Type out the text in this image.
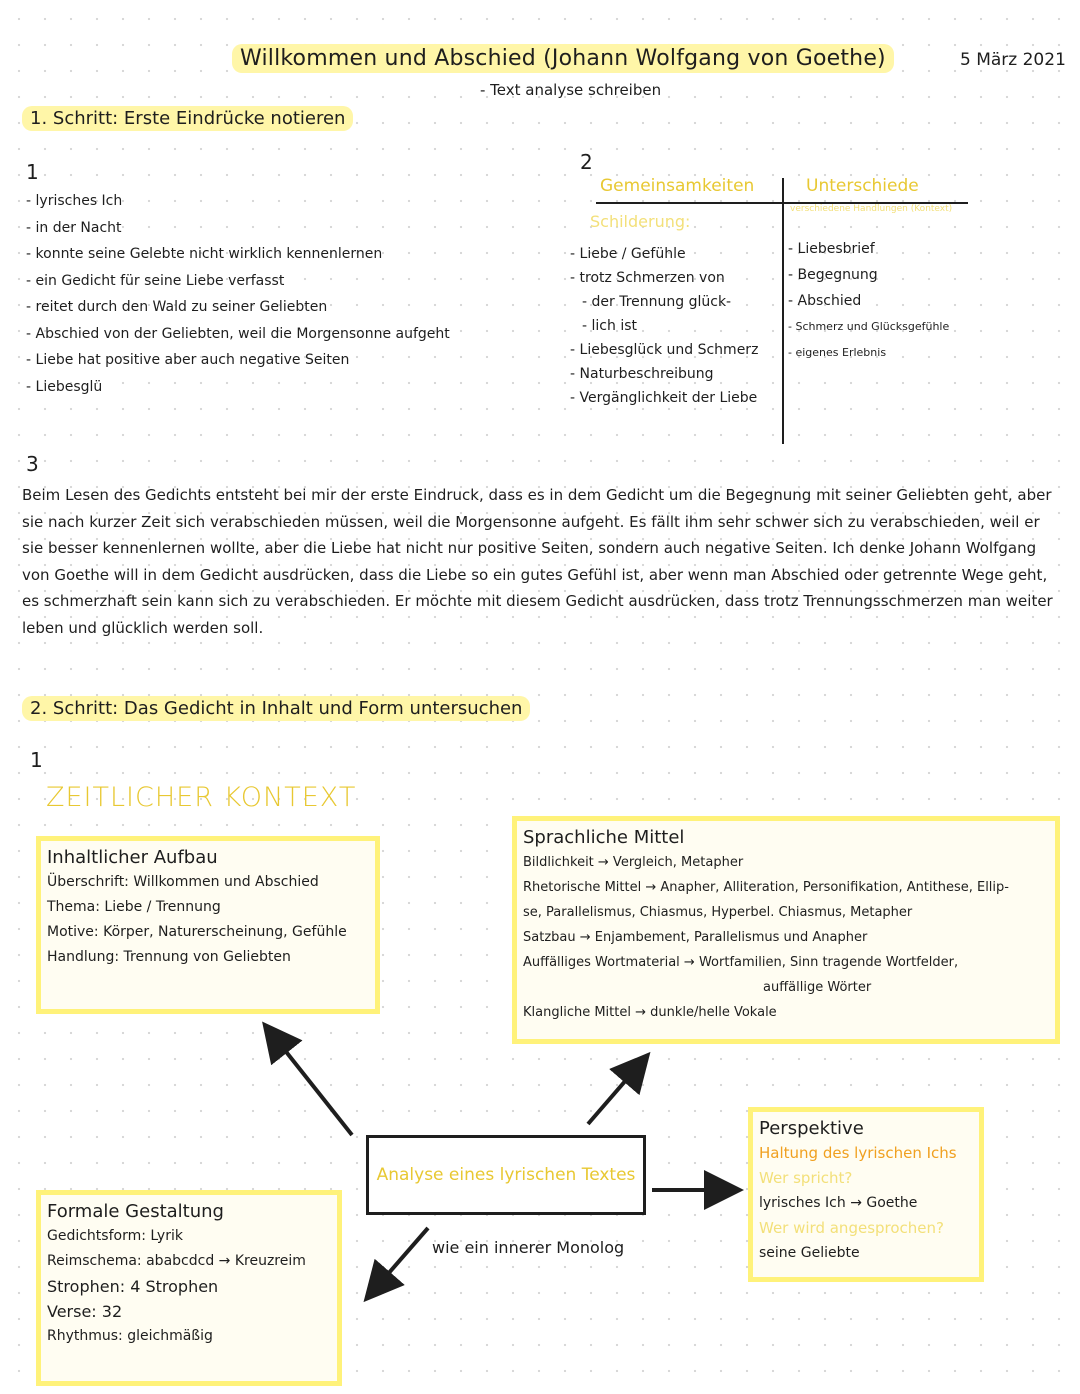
Willkommen und Abschied (Johann Wolfgang von Goethe)
- Text analyse schreiben
5 März 2021
1. Schritt: Erste Eindrücke notieren
1
- lyrisches Ich
- in der Nacht
- konnte seine Gelebte nicht wirklich kennenlernen
- ein Gedicht für seine Liebe verfasst
- reitet durch den Wald zu seiner Geliebten
- Abschied von der Geliebten, weil die Morgensonne aufgeht
- Liebe hat positive aber auch negative Seiten
- Liebesglü
2
Gemeinsamkeiten	Unterschiede
Schilderung:
verschiedene Handlungen (Kontext)
- Liebe / Gefühle
- trotz Schmerzen von
- der Trennung glück-
- lich ist
- Liebesglück und Schmerz
- Naturbeschreibung
- Vergänglichkeit der Liebe
- Liebesbrief
- Begegnung
- Abschied
- Schmerz und Glücksgefühle
- eigenes Erlebnis
3

Beim Lesen des Gedichts entsteht bei mir der erste Eindruck, dass es in dem Gedicht um die Begegnung mit seiner Geliebten geht, aber sie nach kurzer Zeit sich verabschieden müssen, weil die Morgensonne aufgeht. Es fällt ihm sehr schwer sich zu verabschieden, weil er sie besser kennenlernen wollte, aber die Liebe hat nicht nur positive Seiten, sondern auch negative Seiten. Ich denke Johann Wolfgang von Goethe will in dem Gedicht ausdrücken, dass die Liebe so ein gutes Gefühl ist, aber wenn man Abschied oder getrennte Wege geht, es schmerzhaft sein kann sich zu verabschieden. Er möchte mit diesem Gedicht ausdrücken, dass trotz Trennungsschmerzen man weiter leben und glücklich werden soll.

2. Schritt: Das Gedicht in Inhalt und Form untersuchen
1
ZEITLICHER KONTEXT

Inhaltlicher Aufbau

Überschrift: Willkommen und Abschied

Thema: Liebe / Trennung

Motive: Körper, Naturerscheinung, Gefühle

Handlung: Trennung von Geliebten

Sprachliche Mittel

Bildlichkeit → Vergleich, Metapher

Rhetorische Mittel → Anapher, Alliteration, Personifikation, Antithese, Ellip-

se, Parallelismus, Chiasmus, Hyperbel. Chiasmus, Metapher

Satzbau → Enjambement, Parallelismus und Anapher

Auffälliges Wortmaterial → Wortfamilien, Sinn tragende Wortfelder,

auffällige Wörter

Klangliche Mittel → dunkle/helle Vokale

Formale Gestaltung

Gedichtsform: Lyrik

Reimschema: ababcdcd → Kreuzreim

Strophen: 4 Strophen

Verse: 32

Rhythmus: gleichmäßig

Perspektive

Haltung des lyrischen Ichs

Wer spricht?

lyrisches Ich → Goethe

Wer wird angesprochen?

seine Geliebte

Analyse eines lyrischen Textes
wie ein innerer Monolog
